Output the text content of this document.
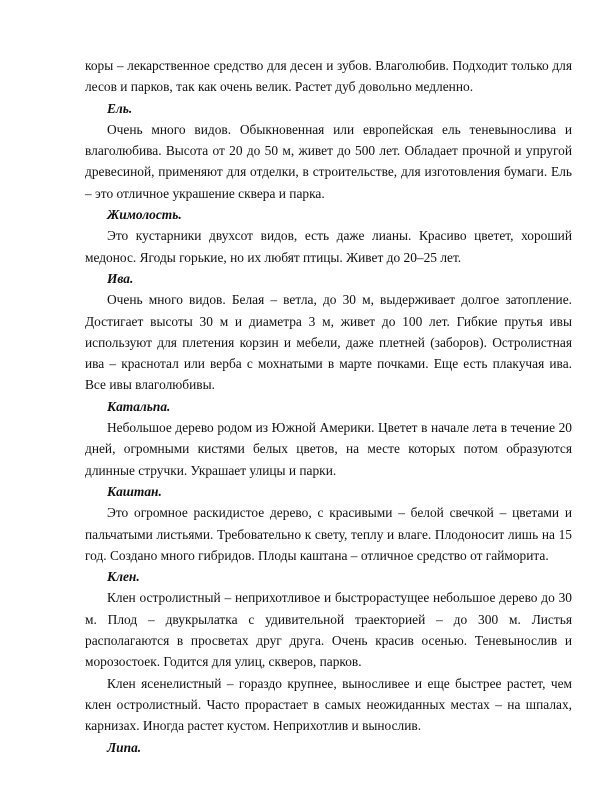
коры – лекарственное средство для десен и зубов. Влаголюбив. Подходит только для лесов и парков, так как очень велик. Растет дуб довольно медленно.

Ель.

Очень много видов. Обыкновенная или европейская ель теневыносливa и влаголюбива. Высота от 20 до 50 м, живет до 500 лет. Обладает прочной и упругой древесиной, применяют для отделки, в строительстве, для изготовления бумаги. Ель – это отличное украшение сквера и парка.

Жимолость.

Это кустарники двухсот видов, есть даже лианы. Красиво цветет, хороший медонос. Ягоды горькие, но их любят птицы. Живет до 20–25 лет.

Ива.

Очень много видов. Белая – ветла, до 30 м, выдерживает долгое затопление. Достигает высоты 30 м и диаметра 3 м, живет до 100 лет. Гибкие прутья ивы используют для плетения корзин и мебели, даже плетней (заборов). Остролистная ива – краснотал или верба с мохнатыми в марте почками. Еще есть плакучая ива. Все ивы влаголюбивы.

Катальпа.

Небольшое дерево родом из Южной Америки. Цветет в начале лета в течение 20 дней, огромными кистями белых цветов, на месте которых потом образуются длинные стручки. Украшает улицы и парки.

Каштан.

Это огромное раскидистое дерево, с красивыми – белой свечкой – цветами и пальчатыми листьями. Требовательно к свету, теплу и влаге. Плодоносит лишь на 15 год. Создано много гибридов. Плоды каштана – отличное средство от гайморита.

Клен.

Клен остролистный – неприхотливое и быстрорастущее небольшое дерево до 30 м. Плод – двукрылатка с удивительной траекторией – до 300 м. Листья располагаются в просветах друг друга. Очень красив осенью. Теневынослив и морозостоек. Годится для улиц, скверов, парков.

Клен ясенелистный – гораздо крупнее, выносливее и еще быстрее растет, чем клен остролистный. Часто прорастает в самых неожиданных местах – на шпалах, карнизах. Иногда растет кустом. Неприхотлив и вынослив.

Липа.
